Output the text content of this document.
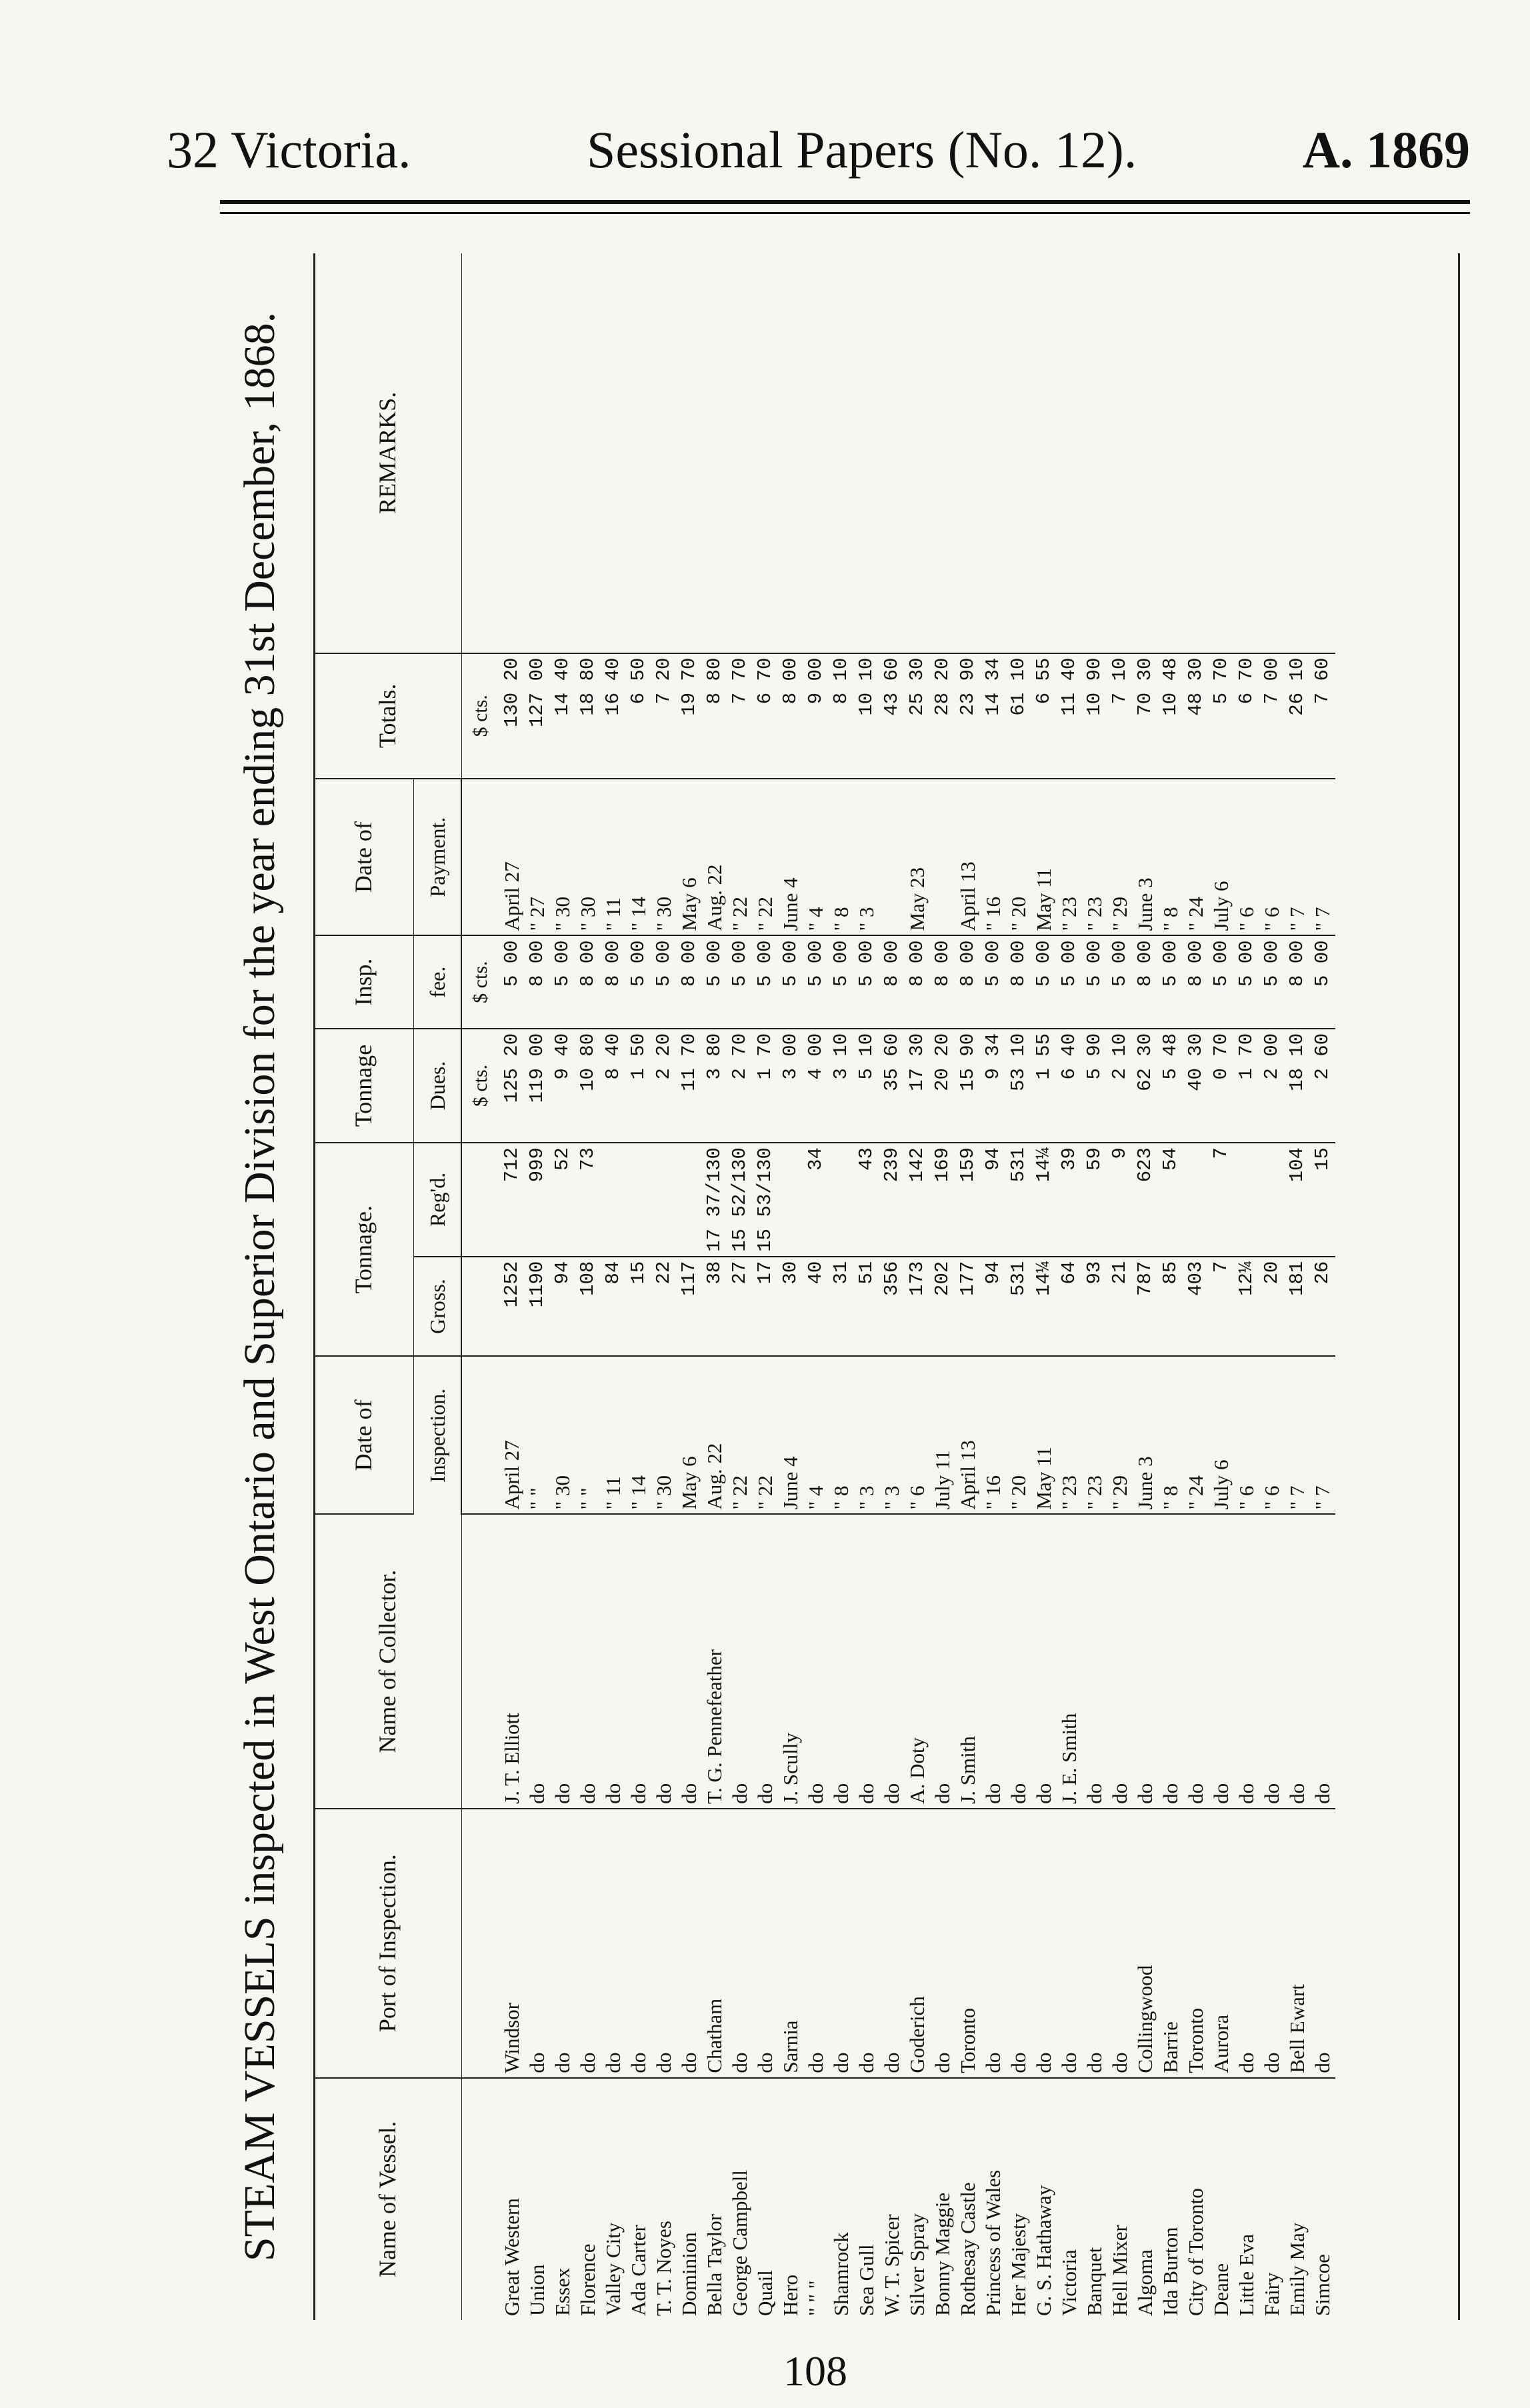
32 Victoria.	Sessional Papers (No. 12).	A. 1869
STEAM VESSELS inspected in West Ontario and Superior Division for the year ending 31st December, 1868.	Name of Vessel.	Port of Inspection.	Name of Collector.	Date of	Tonnage.		Tonnage	Insp.	Date of	Totals.	REMARKS.
			Inspection.	Gross.	Reg'd.	Dues.	fee.	Payment.		
						$ cts.	$ cts.		$ cts.	
Great Western	Windsor	J. T. Elliott	April 27	1252	712	125 20	5 00	April 27	130 20	
Union	do	do	" "	1190	999	119 00	8 00	" 27	127 00	
Essex	do	do	" 30	94	52	9 40	5 00	" 30	14 40	
Florence	do	do	" "	108	73	10 80	8 00	" 30	18 80	
Valley City	do	do	" 11	84		8 40	8 00	" 11	16 40	
Ada Carter	do	do	" 14	15		1 50	5 00	" 14	6 50	
T. T. Noyes	do	do	" 30	22		2 20	5 00	" 30	7 20	
Dominion	do	do	May 6	117		11 70	8 00	May 6	19 70	
Bella Taylor	Chatham	T. G. Pennefeather	Aug. 22	38	17 37/130	3 80	5 00	Aug. 22	8 80	
George Campbell	do	do	" 22	27	15 52/130	2 70	5 00	" 22	7 70	
Quail	do	do	" 22	17	15 53/130	1 70	5 00	" 22	6 70	
Hero	Sarnia	J. Scully	June 4	30		3 00	5 00	June 4	8 00	
" " "	do	do	" 4	40	34	4 00	5 00	" 4	9 00	
Shamrock	do	do	" 8	31		3 10	5 00	" 8	8 10	
Sea Gull	do	do	" 3	51	43	5 10	5 00	" 3	10 10	
W. T. Spicer	do	do	" 3	356	239	35 60	8 00		43 60	
Silver Spray	Goderich	A. Doty	" 6	173	142	17 30	8 00	May 23	25 30	
Bonny Maggie	do	do	July 11	202	169	20 20	8 00		28 20	
Rothesay Castle	Toronto	J. Smith	April 13	177	159	15 90	8 00	April 13	23 90	
Princess of Wales	do	do	" 16	94	94	9 34	5 00	" 16	14 34	
Her Majesty	do	do	" 20	531	531	53 10	8 00	" 20	61 10	
G. S. Hathaway	do	do	May 11	14¼	14¼	1 55	5 00	May 11	6 55	
Victoria	do	J. E. Smith	" 23	64	39	6 40	5 00	" 23	11 40	
Banquet	do	do	" 23	93	59	5 90	5 00	" 23	10 90	
Hell Mixer	do	do	" 29	21	9	2 10	5 00	" 29	7 10	
Algoma	Collingwood	do	June 3	787	623	62 30	8 00	June 3	70 30	
Ida Burton	Barrie	do	" 8	85	54	5 48	5 00	" 8	10 48	
City of Toronto	Toronto	do	" 24	403		40 30	8 00	" 24	48 30	
Deane	Aurora	do	July 6	7	7	0 70	5 00	July 6	5 70	
Little Eva	do	do	" 6	12¼		1 70	5 00	" 6	6 70	
Fairy	do	do	" 6	20		2 00	5 00	" 6	7 00	
Emily May	Bell Ewart	do	" 7	181	104	18 10	8 00	" 7	26 10	
Simcoe	do	do	" 7	26	15	2 60	5 00	" 7	7 60	
108
